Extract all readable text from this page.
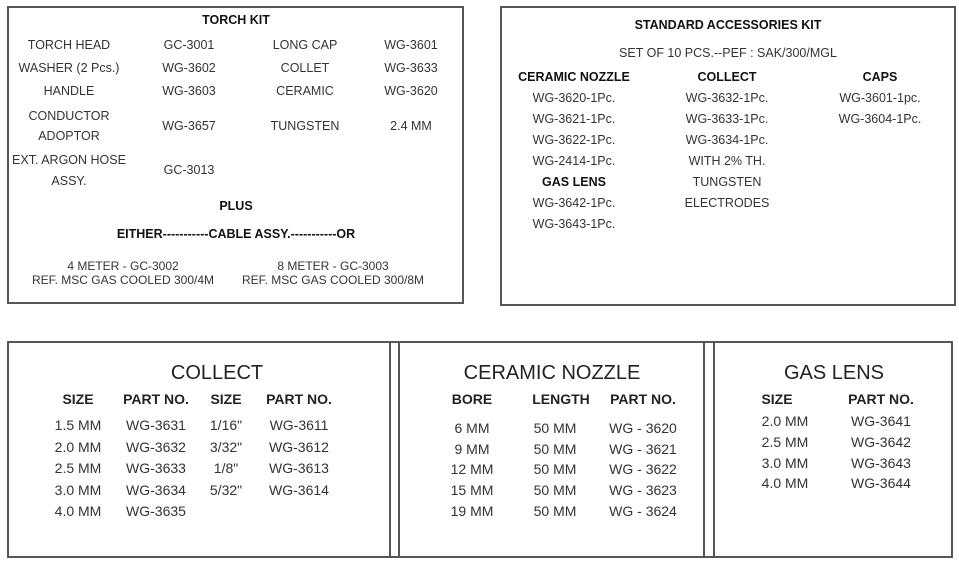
TORCH KIT
TORCH HEAD	GC-3001	LONG CAP	WG-3601
WASHER (2 Pcs.)	WG-3602	COLLET	WG-3633
HANDLE	WG-3603	CERAMIC	WG-3620
CONDUCTOR
ADOPTOR
WG-3657	TUNGSTEN	2.4 MM
EXT. ARGON HOSE
ASSY.
GC-3013
PLUS
EITHER-----------CABLE ASSY.-----------OR
4 METER - GC-3002
REF. MSC GAS COOLED 300/4M
8 METER - GC-3003
REF. MSC GAS COOLED 300/8M
STANDARD ACCESSORIES KIT
SET OF 10 PCS.--PEF : SAK/300/MGL
CERAMIC NOZZLE
WG-3620-1Pc.
WG-3621-1Pc.
WG-3622-1Pc.
WG-2414-1Pc.
GAS LENS
WG-3642-1Pc.
WG-3643-1Pc.
COLLECT
WG-3632-1Pc.
WG-3633-1Pc.
WG-3634-1Pc.
WITH 2% TH.
TUNGSTEN
ELECTRODES
CAPS
WG-3601-1pc.
WG-3604-1Pc.
COLLECT
SIZE PART NO. SIZE PART NO.
1.5 MM WG-3631 1/16" WG-3611
2.0 MM WG-3632 3/32" WG-3612
2.5 MM WG-3633 1/8" WG-3613
3.0 MM WG-3634 5/32" WG-3614
4.0 MM WG-3635
CERAMIC NOZZLE
BORE	LENGTH PART NO.
6 MM	50 MM WG - 3620
9 MM	50 MM WG - 3621
12 MM	50 MM WG - 3622
15 MM	50 MM WG - 3623
19 MM	50 MM WG - 3624
GAS LENS
SIZE	PART NO.
2.0 MM	WG-3641
2.5 MM	WG-3642
3.0 MM	WG-3643
4.0 MM	WG-3644
